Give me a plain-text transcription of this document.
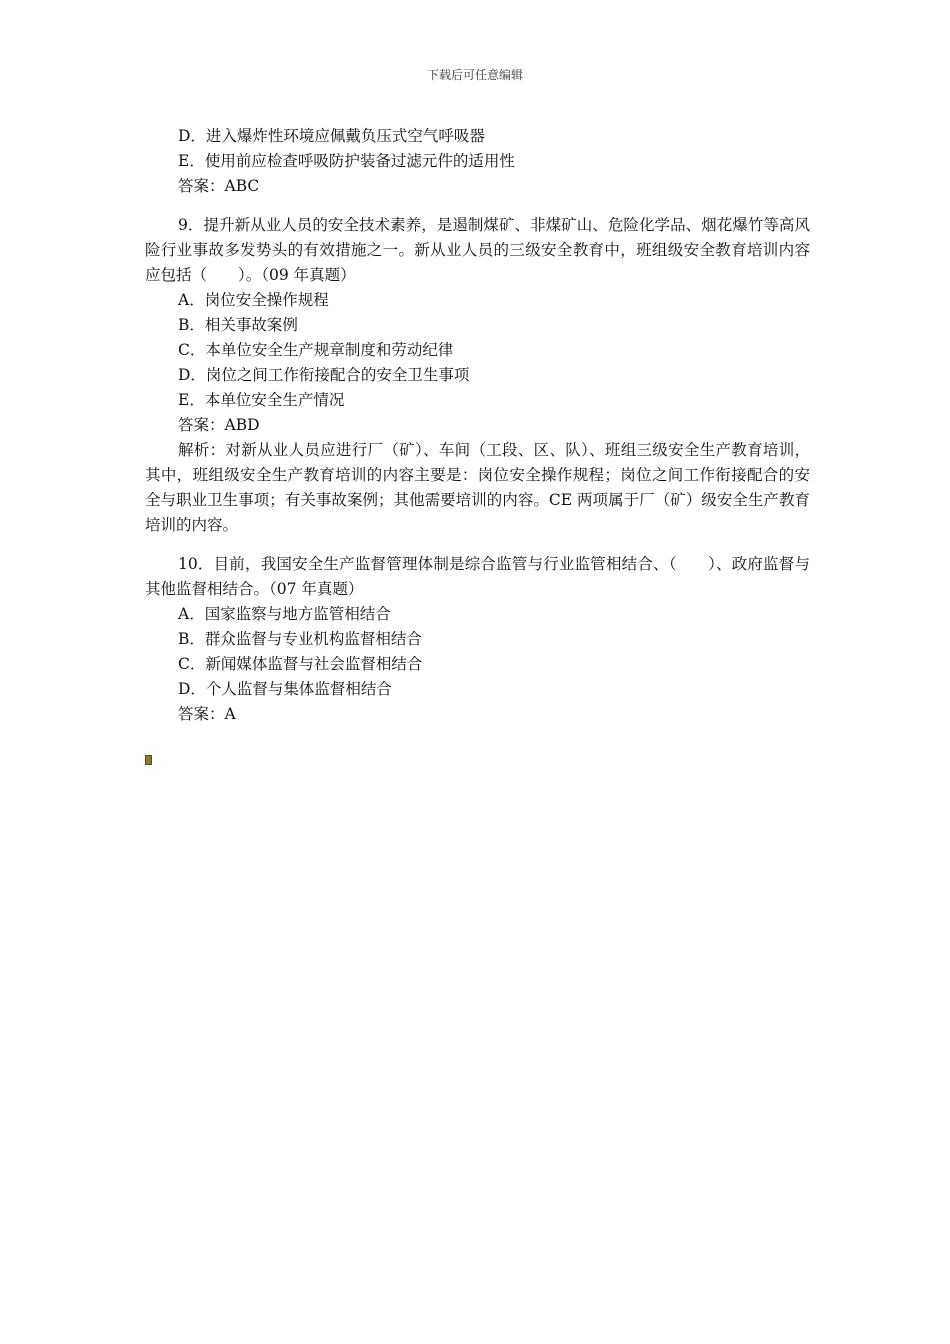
下载后可任意编辑

D．进入爆炸性环境应佩戴负压式空气呼吸器

E．使用前应检查呼吸防护装备过滤元件的适用性

答案：ABC

9．提升新从业人员的安全技术素养，是遏制煤矿、非煤矿山、危险化学品、烟花爆竹等高风险行业事故多发势头的有效措施之一。新从业人员的三级安全教育中，班组级安全教育培训内容应包括（　　）。（09 年真题）

A．岗位安全操作规程

B．相关事故案例

C．本单位安全生产规章制度和劳动纪律

D．岗位之间工作衔接配合的安全卫生事项

E．本单位安全生产情况

答案：ABD

解析：对新从业人员应进行厂（矿）、车间（工段、区、队）、班组三级安全生产教育培训，其中，班组级安全生产教育培训的内容主要是：岗位安全操作规程；岗位之间工作衔接配合的安全与职业卫生事项；有关事故案例；其他需要培训的内容。CE 两项属于厂（矿）级安全生产教育培训的内容。

10．目前，我国安全生产监督管理体制是综合监管与行业监管相结合、（　　）、政府监督与其他监督相结合。（07 年真题）

A．国家监察与地方监管相结合

B．群众监督与专业机构监督相结合

C．新闻媒体监督与社会监督相结合

D．个人监督与集体监督相结合

答案：A
